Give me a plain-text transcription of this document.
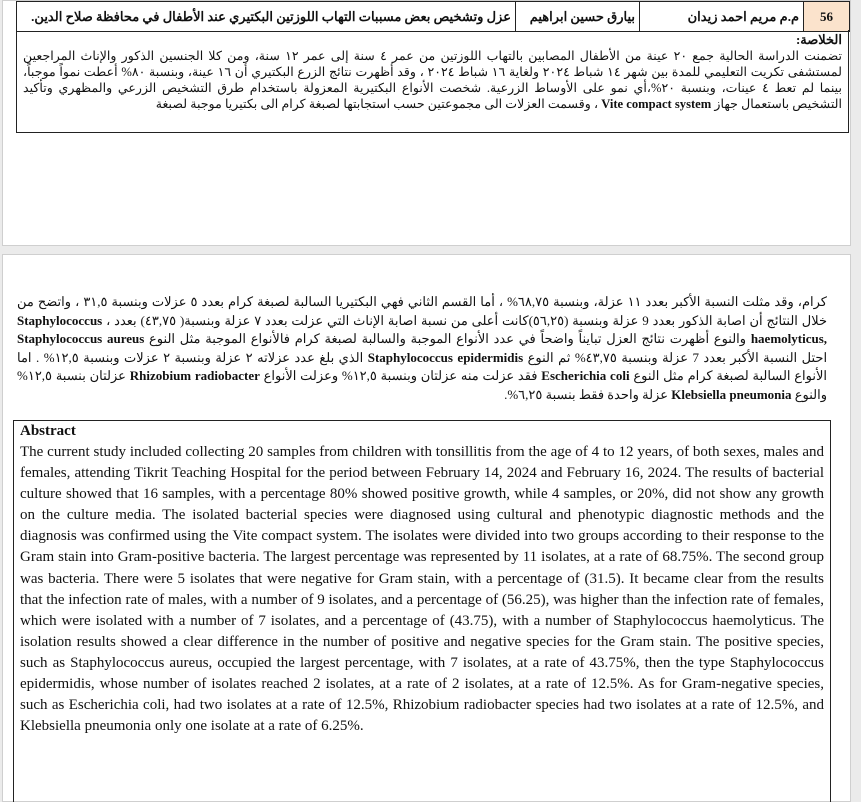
56	م.م مريم احمد زيدان	بيارق حسين ابراهيم	عزل وتشخيص بعض مسببات التهاب اللوزتين البكتيري عند الأطفال في محافظة صلاح الدين.
الخلاصة:
تضمنت الدراسة الحالية جمع ٢٠ عينة من الأطفال المصابين بالتهاب اللوزتين من عمر ٤ سنة إلى عمر ١٢ سنة، ومن كلا الجنسين الذكور والإناث المراجعين لمستشفى تكريت التعليمي للمدة بين شهر ١٤ شباط ٢٠٢٤ ولغاية ١٦ شباط ٢٠٢٤ ، وقد أظهرت نتائج الزرع البكتيري أن ١٦ عينة، وبنسبة ٨٠% أعطت نمواً موجباً، بينما لم تعط ٤ عينات، وبنسبة ٢٠%،أي نمو على الأوساط الزرعية. شخصت الأنواع البكتيرية المعزولة باستخدام طرق التشخيص الزرعي والمظهري وتأكيد التشخيص باستعمال جهاز Vite compact system ، وقسمت العزلات الى مجموعتين حسب استجابتها لصبغة كرام الى بكتيريا موجبة لصبغة
كرام، وقد مثلت النسبة الأكبر بعدد ١١ عزلة، وبنسبة ٦٨,٧٥% ، أما القسم الثاني فهي البكتيريا السالبة لصبغة كرام بعدد ٥ عزلات وبنسبة ٣١,٥ ، واتضح من خلال النتائج أن اصابة الذكور بعدد 9 عزلة وبنسبة (٥٦,٢٥)كانت أعلى من نسبة اصابة الإناث التي عزلت بعدد ٧ عزلة وبنسبة( ٤٣,٧٥) بعدد ، Staphylococcus haemolyticus, والنوع أظهرت نتائج العزل تبايناً واضحاً في عدد الأنواع الموجبة والسالبة لصبغة كرام فالأنواع الموجبة مثل النوع Staphylococcus aureus احتل النسبة الأكبر بعدد 7 عزلة وبنسبة ٤٣,٧٥% ثم النوع Staphylococcus epidermidis الذي بلغ عدد عزلاته ٢ عزلة وبنسبة ٢ عزلات وبنسبة ١٢,٥% . اما الأنواع السالبة لصبغة كرام مثل النوع Escherichia coli فقد عزلت منه عزلتان وبنسبة ١٢,٥% وعزلت الأنواع Rhizobium radiobacter عزلتان بنسبة ١٢,٥% والنوع Klebsiella pneumonia عزلة واحدة فقط بنسبة ٦,٢٥%.
Abstract

The current study included collecting 20 samples from children with tonsillitis from the age of 4 to 12 years, of both sexes, males and females, attending Tikrit Teaching Hospital for the period between February 14, 2024 and February 16, 2024. The results of bacterial culture showed that 16 samples, with a percentage 80% showed positive growth, while 4 samples, or 20%, did not show any growth on the culture media. The isolated bacterial species were diagnosed using cultural and phenotypic diagnostic methods and the diagnosis was confirmed using the Vite compact system. The isolates were divided into two groups according to their response to the Gram stain into Gram-positive bacteria. The largest percentage was represented by 11 isolates, at a rate of 68.75%. The second group was bacteria. There were 5 isolates that were negative for Gram stain, with a percentage of (31.5). It became clear from the results that the infection rate of males, with a number of 9 isolates, and a percentage of (56.25), was higher than the infection rate of females, which were isolated with a number of 7 isolates, and a percentage of (43.75), with a number of Staphylococcus haemolyticus. The isolation results showed a clear difference in the number of positive and negative species for the Gram stain. The positive species, such as Staphylococcus aureus, occupied the largest percentage, with 7 isolates, at a rate of 43.75%, then the type Staphylococcus epidermidis, whose number of isolates reached 2 isolates, at a rate of 2 isolates, at a rate of 12.5%. As for Gram-negative species, such as Escherichia coli, had two isolates at a rate of 12.5%, Rhizobium radiobacter species had two isolates at a rate of 12.5%, and Klebsiella pneumonia only one isolate at a rate of 6.25%.
